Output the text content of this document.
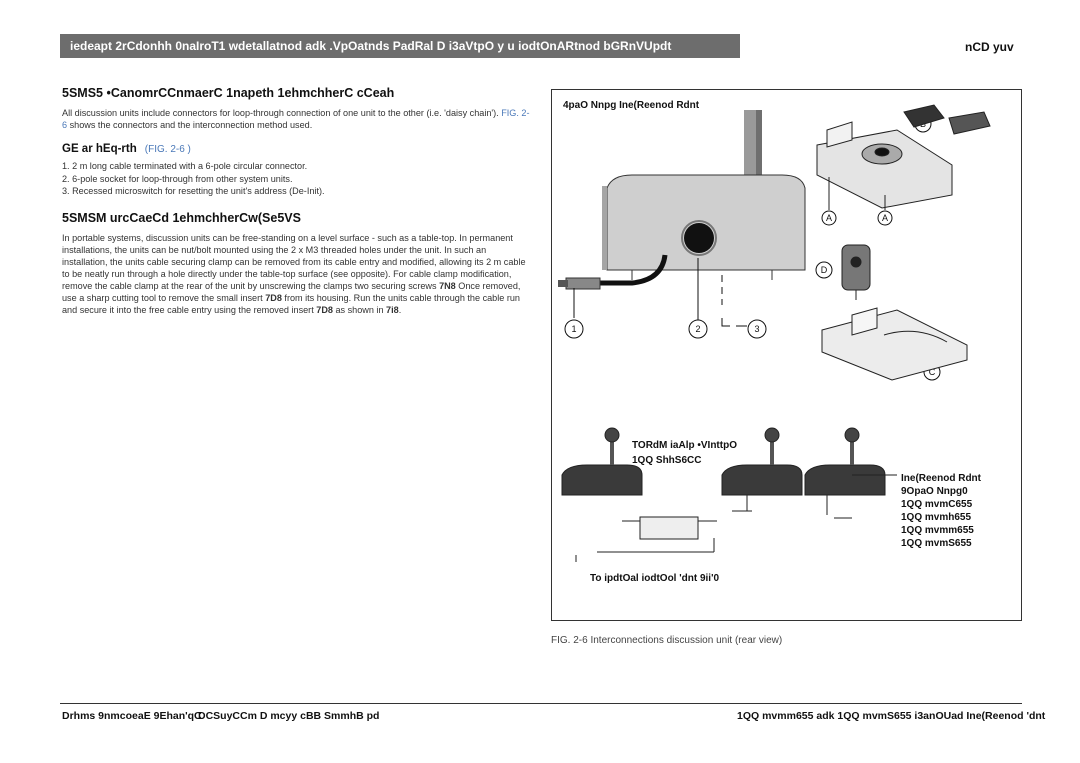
iedeapt 2rCdonhh 0naIroT1 wdetallatnod adk .VpOatnds PadRal D i3aVtpO y u iodtOnARtnod bGRnVUpdt	nCD yuv
5SMS5 •CanomrCCnmaerC 1napeth 1ehmchherC cCeah
All discussion units include connectors for loop-through connection of one unit to the other (i.e. 'daisy chain'). FIG. 2-6 shows the connectors and the interconnection method used.
GE ar hEq-rth (FIG. 2-6 )
1. 2 m long cable terminated with a 6-pole circular connector.
2. 6-pole socket for loop-through from other system units.
3. Recessed microswitch for resetting the unit's address (De-Init).
5SMSM urcCaeCd 1ehmchherCw(Se5VS
In portable systems, discussion units can be free-standing on a level surface - such as a table-top. In permanent installations, the units can be nut/bolt mounted using the 2 x M3 threaded holes under the unit. In such an installation, the units cable securing clamp can be removed from its cable entry and modified, allowing its 2 m cable to be neatly run through a hole directly under the table-top surface (see opposite). For cable clamp modification, remove the cable clamp at the rear of the unit by unscrewing the clamps two securing screws 7N8 Once removed, use a sharp cutting tool to remove the small insert 7D8 from its housing. Run the units cable through the cable run and secure it into the free cable entry using the removed insert 7D8 as shown in 7i8.
1	2	3
A	A
D
C
4paO Nnpg Ine(Reenod Rdnt
TORdM iaAlp •VInttpO
1QQ ShhS6CC
Ine(Reenod Rdnt
9OpaO Nnpg0
1QQ mvmC655
1QQ mvmh655
1QQ mvmm655
1QQ mvmS655
To ipdtOal iodtOol 'dnt 9ii'0
FIG. 2-6 Interconnections discussion unit (rear view)
Drhms 9nmcoeaE 9Ehan'qC
DCSuyCCm D mcyy cBB SmmhB pd	1QQ mvmm655 adk 1QQ mvmS655 i3anOUad Ine(Reenod 'dnt
